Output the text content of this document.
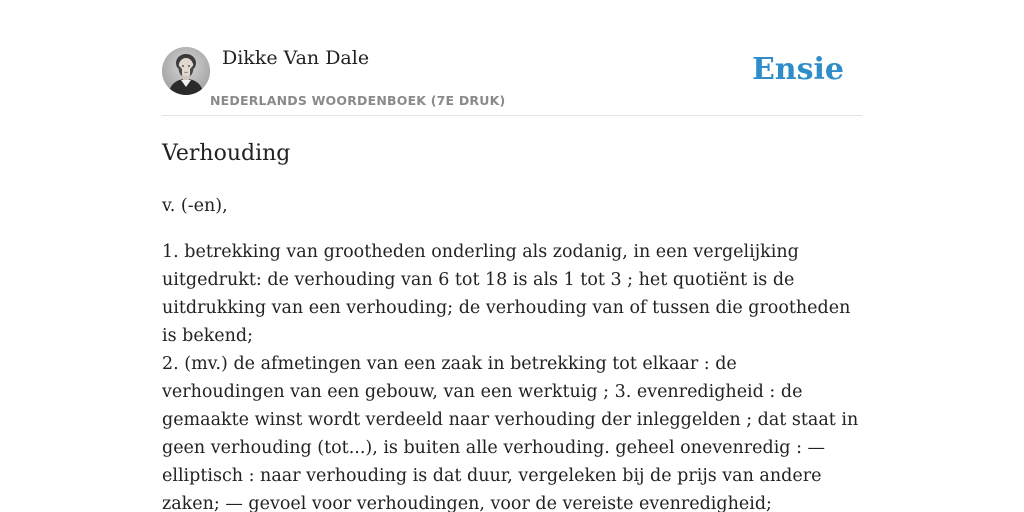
Dikke Van Dale
NEDERLANDS WOORDENBOEK (7E DRUK)
Ensie
Verhouding

v. (-en),

1. betrekking van grootheden onderling als zodanig, in een vergelijking uitgedrukt: de verhouding van 6 tot 18 is als 1 tot 3 ; het quotiënt is de uitdrukking van een verhouding; de verhouding van of tussen die grootheden is bekend;

2. (mv.) de afmetingen van een zaak in betrekking tot elkaar : de verhoudingen van een gebouw, van een werktuig ; 3. evenredigheid : de gemaakte winst wordt verdeeld naar verhouding der inleggelden ; dat staat in geen verhouding (tot...), is buiten alle verhouding. geheel onevenredig : — elliptisch : naar verhouding is dat duur, vergeleken bij de prijs van andere zaken; — gevoel voor verhoudingen, voor de vereiste evenredigheid;
